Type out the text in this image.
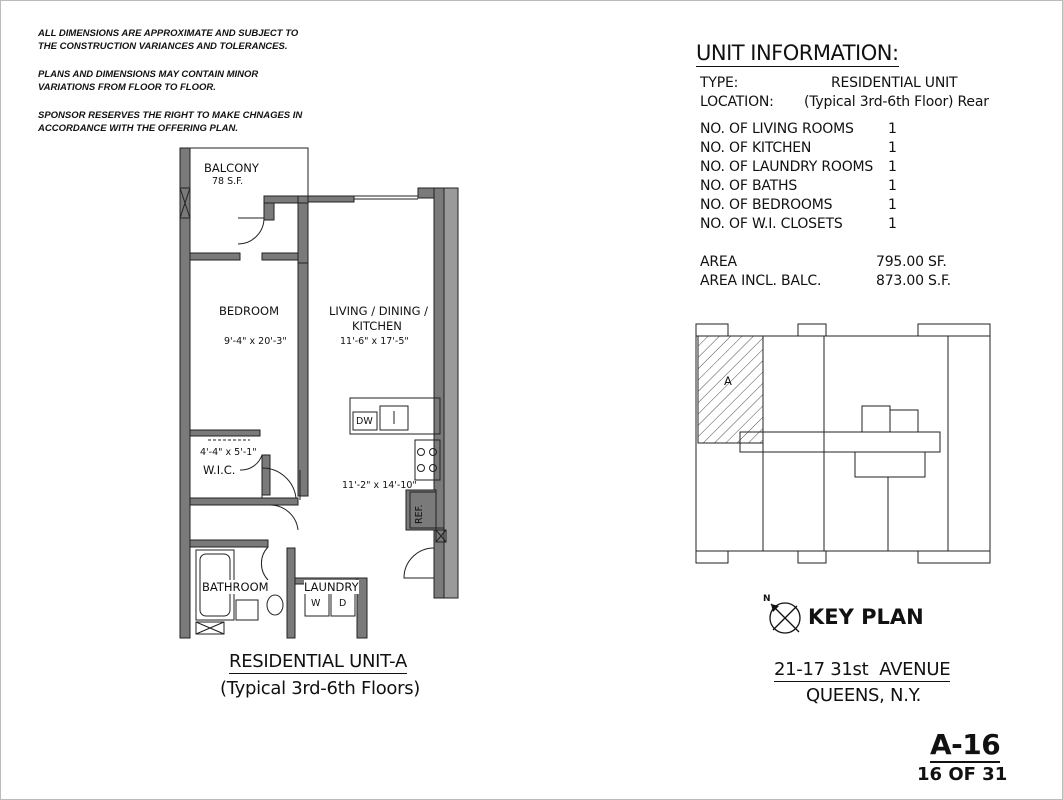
ALL DIMENSIONS ARE APPROXIMATE AND SUBJECT TO
THE CONSTRUCTION VARIANCES AND TOLERANCES.
PLANS AND DIMENSIONS MAY CONTAIN MINOR
VARIATIONS FROM FLOOR TO FLOOR.
SPONSOR RESERVES THE RIGHT TO MAKE CHNAGES IN
ACCORDANCE WITH THE OFFERING PLAN.
BALCONY
78 S.F.
BEDROOM
9'-4" x 20'-3"
LIVING / DINING /
KITCHEN
11'-6" x 17'-5"
11'-2" x 14'-10"
4'-4" x 5'-1"
W.I.C.
BATHROOM	LAUNDRY
DW
REF.
W D
RESIDENTIAL UNIT-A
(Typical 3rd-6th Floors)
UNIT INFORMATION:
TYPE:	RESIDENTIAL UNIT
LOCATION: (Typical 3rd-6th Floor) Rear
NO. OF LIVING ROOMS 1
NO. OF KITCHEN	1
NO. OF LAUNDRY ROOMS 1
NO. OF BATHS	1
NO. OF BEDROOMS	1
NO. OF W.I. CLOSETS	1
AREA	795.00 SF.
AREA INCL. BALC.	873.00 S.F.
A
N
KEY PLAN
21-17 31st  AVENUE
QUEENS, N.Y.
A-16
16 OF 31
